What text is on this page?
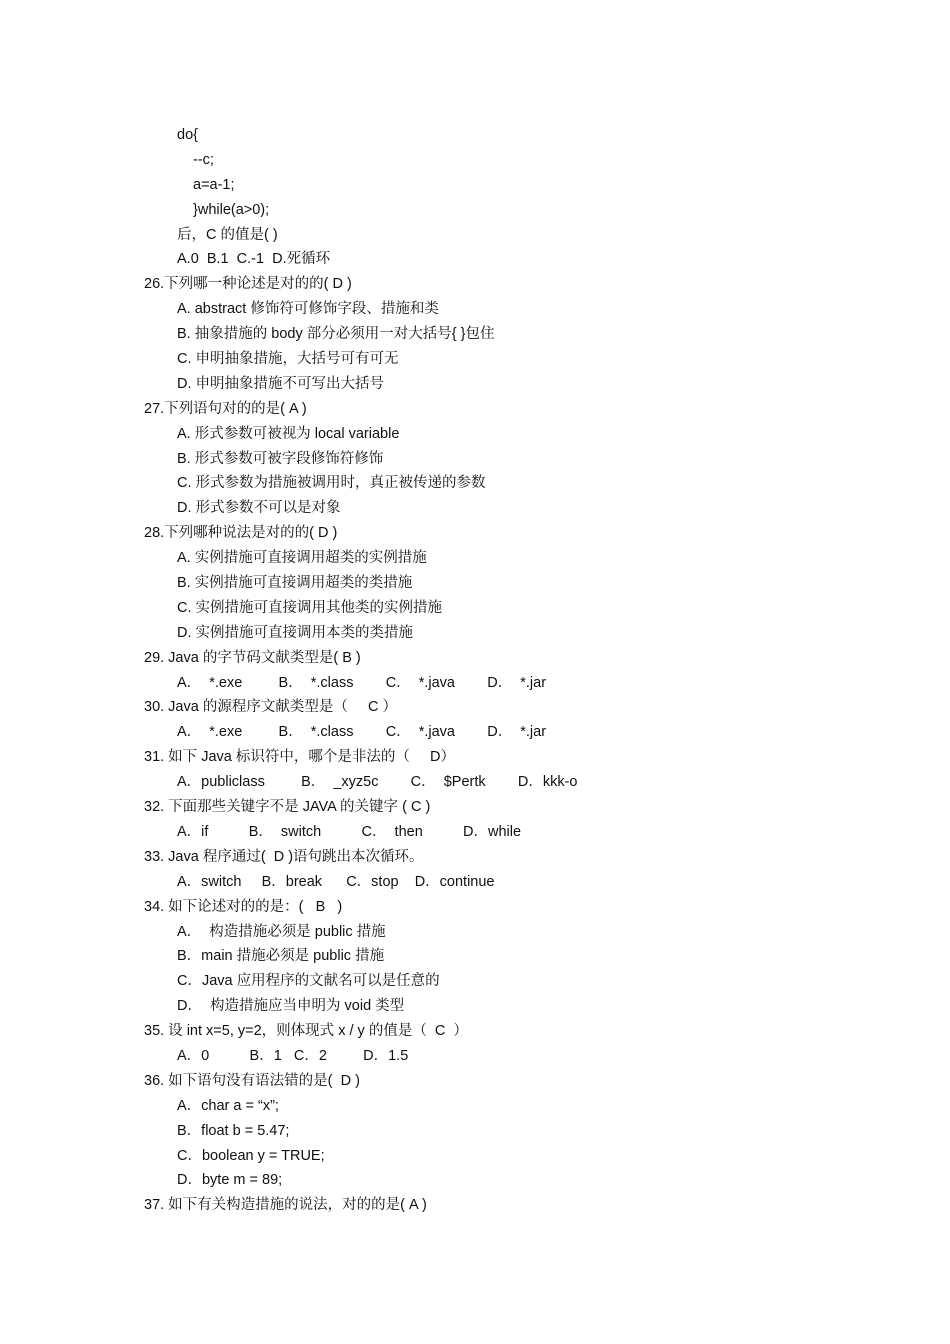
do{
--c;
a=a-1;
}while(a>0);
后，C 的值是( )
A.0  B.1  C.-1  D.死循环
26.下列哪一种论述是对的的( D )
A. abstract 修饰符可修饰字段、措施和类
B. 抽象措施的 body 部分必须用一对大括号{ }包住
C. 申明抽象措施，大括号可有可无
D. 申明抽象措施不可写出大括号
27.下列语句对的的是( A )
A. 形式参数可被视为 local variable
B. 形式参数可被字段修饰符修饰
C. 形式参数为措施被调用时，真正被传递的参数
D. 形式参数不可以是对象
28.下列哪种说法是对的的( D )
A. 实例措施可直接调用超类的实例措施
B. 实例措施可直接调用超类的类措施
C. 实例措施可直接调用其他类的实例措施
D. 实例措施可直接调用本类的类措施
29. Java 的字节码文献类型是( B )
A．  *.exe         B．  *.class        C．  *.java        D．  *.jar
30. Java 的源程序文献类型是（     C ）
A．  *.exe         B．  *.class        C．  *.java        D．  *.jar
31. 如下 Java 标识符中，哪个是非法的（     D）
A．publiclass         B．  _xyz5c        C．  $Pertk        D．kkk-o
32. 下面那些关键字不是 JAVA 的关键字 ( C )
A．if          B．  switch          C．  then          D．while
33. Java 程序通过(  D )语句跳出本次循环。
A．switch     B．break      C．stop    D．continue
34. 如下论述对的的是：(   B   )
A．  构造措施必须是 public 措施
B．main 措施必须是 public 措施
C．Java 应用程序的文献名可以是任意的
D．  构造措施应当申明为 void 类型
35. 设 int x=5, y=2，则体现式 x / y 的值是（  C  ）
A．0          B．1   C．2         D．1.5
36. 如下语句没有语法错的是(  D )
A．char a = “x”;
B．float b = 5.47;
C．boolean y = TRUE;
D．byte m = 89;
37. 如下有关构造措施的说法，对的的是( A )
